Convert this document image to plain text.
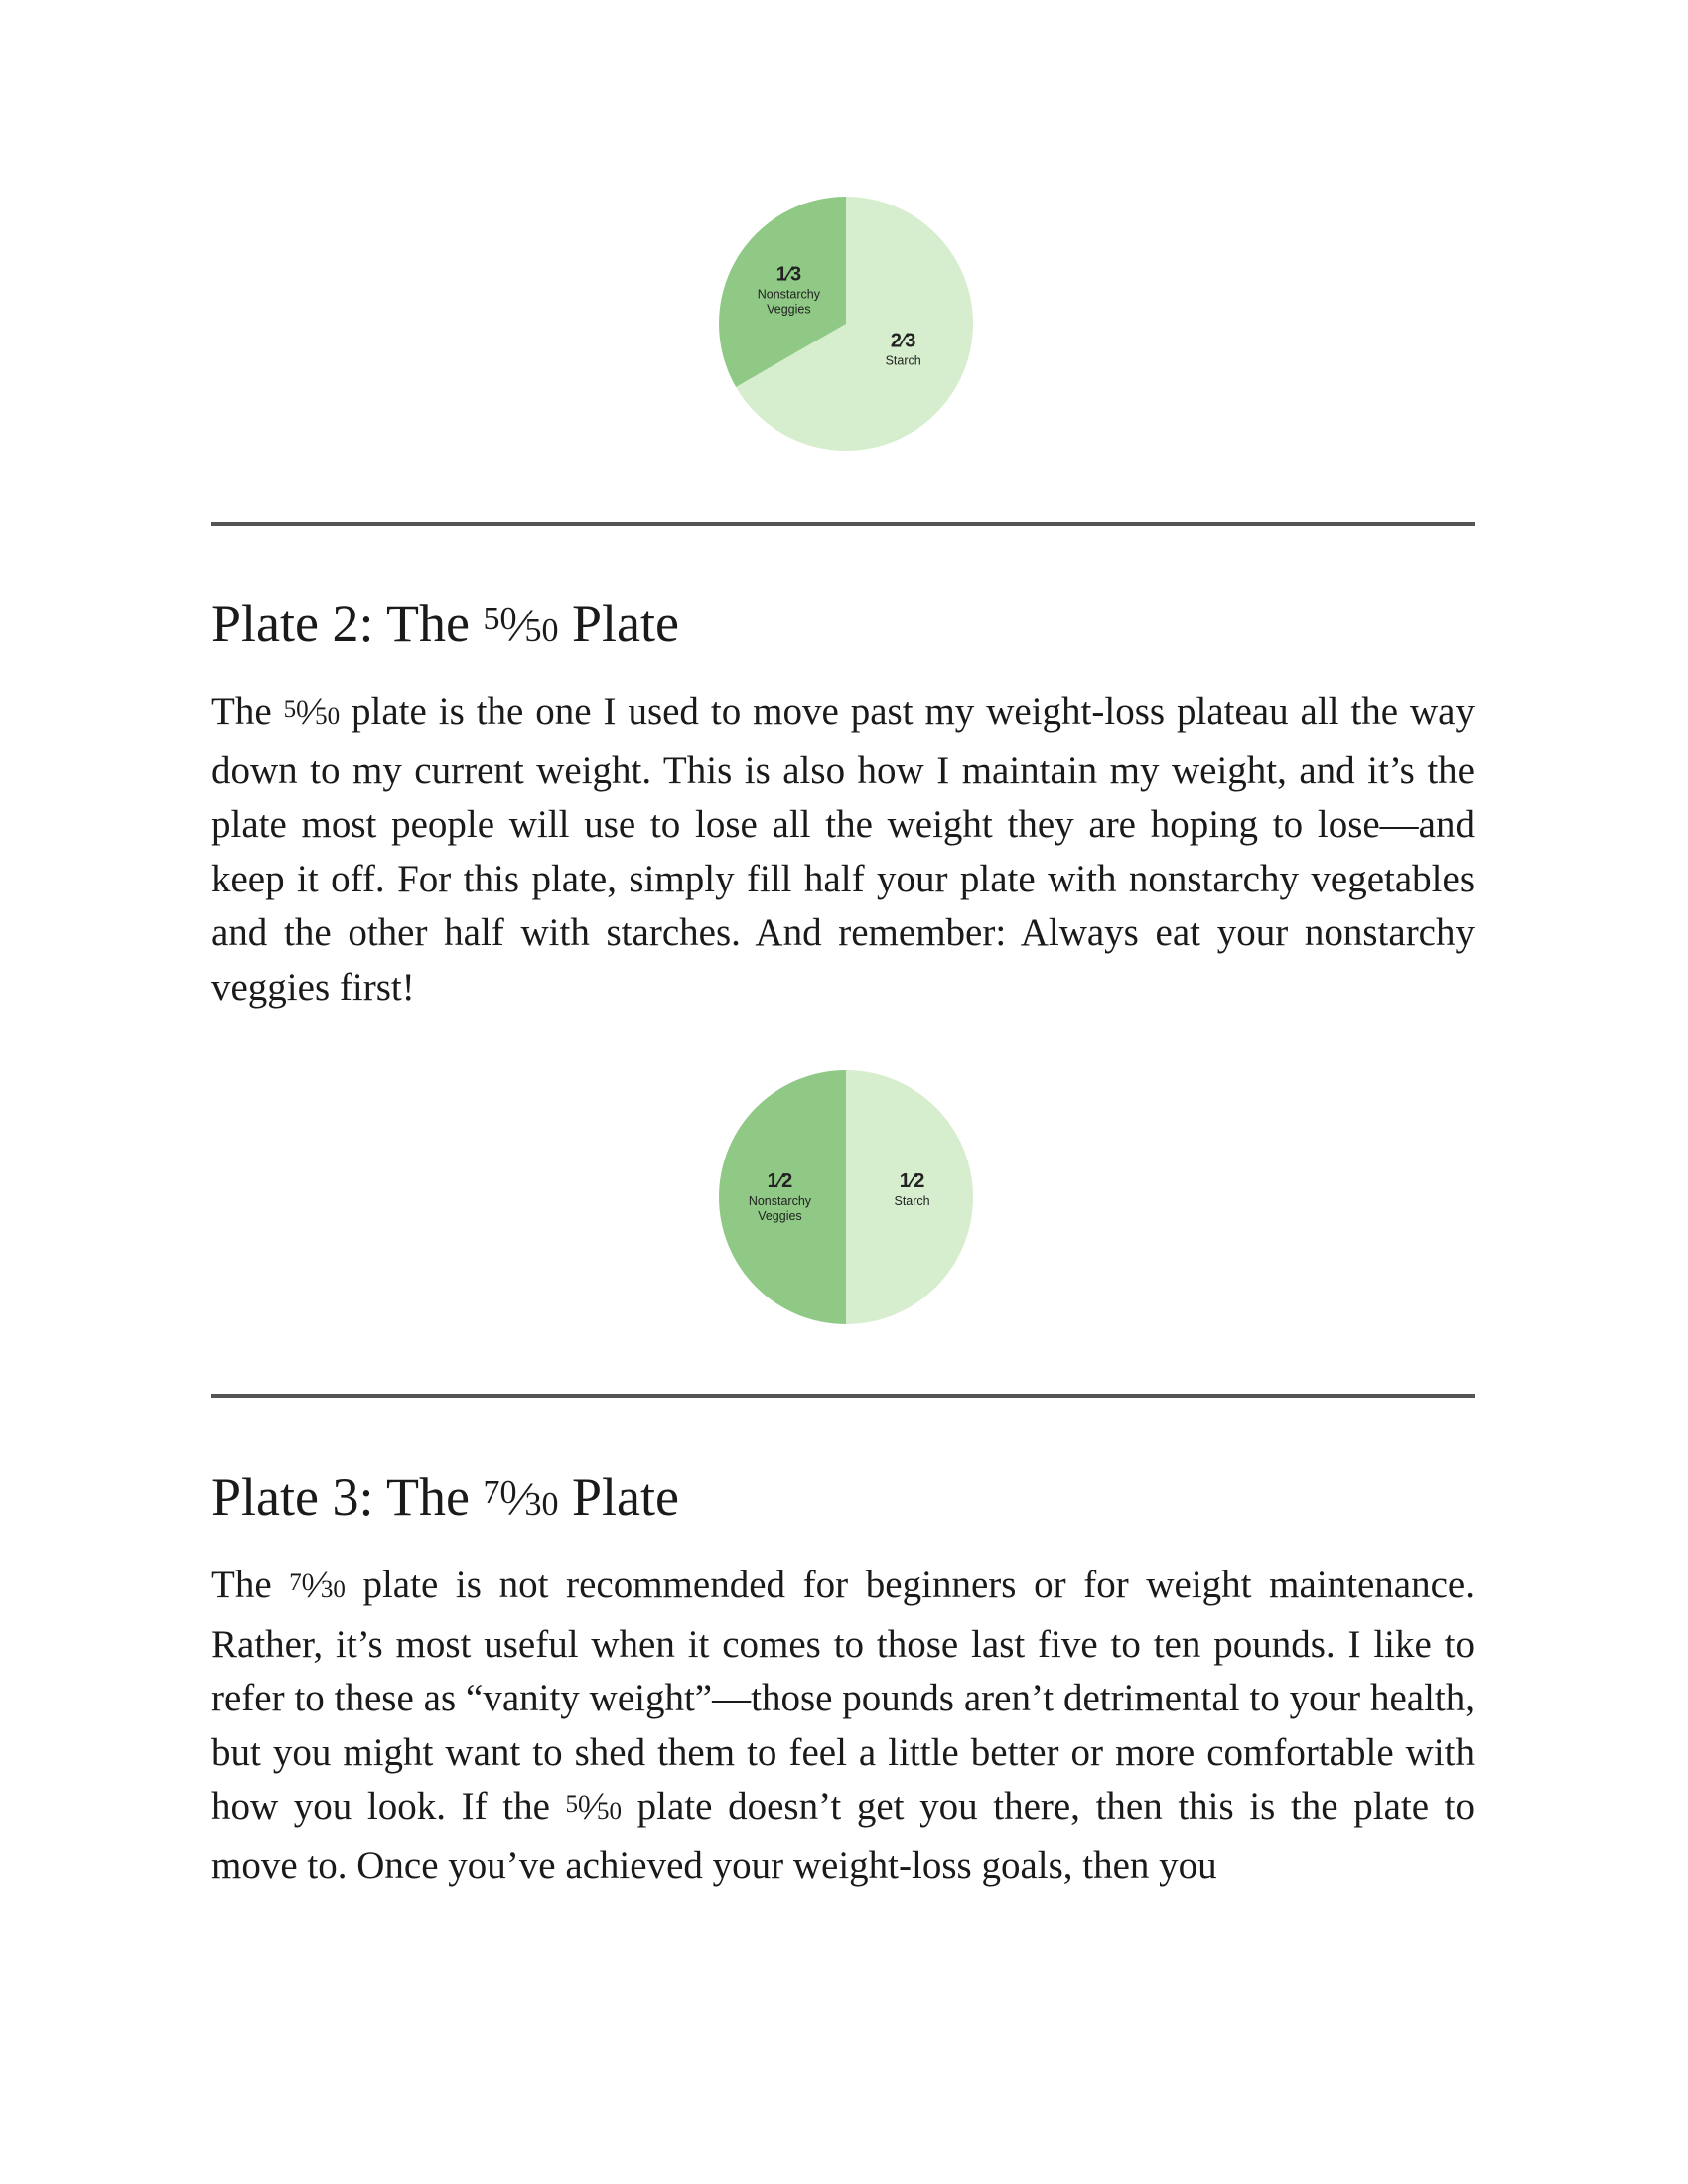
2⁄3
Starch
1⁄3
Nonstarchy
Veggies
Plate 2: The $^{50}$⁄50 Plate

The $^{50}$⁄50 plate is the one I used to move past my weight-loss plateau all the way down to my current weight. This is also how I maintain my weight, and it’s the plate most people will use to lose all the weight they are hoping to lose—and keep it off. For this plate, simply fill half your plate with nonstarchy vegetables and the other half with starches. And remember: Always eat your nonstarchy veggies first!

1⁄2
Starch
1⁄2
Nonstarchy
Veggies
Plate 3: The $^{70}$⁄30 Plate

The $^{70}$⁄30 plate is not recommended for beginners or for weight maintenance. Rather, it’s most useful when it comes to those last five to ten pounds. I like to refer to these as “vanity weight”—those pounds aren’t detrimental to your health, but you might want to shed them to feel a little better or more comfortable with how you look. If the $^{50}$⁄50 plate doesn’t get you there, then this is the plate to move to. Once you’ve achieved your weight-loss goals, then you
